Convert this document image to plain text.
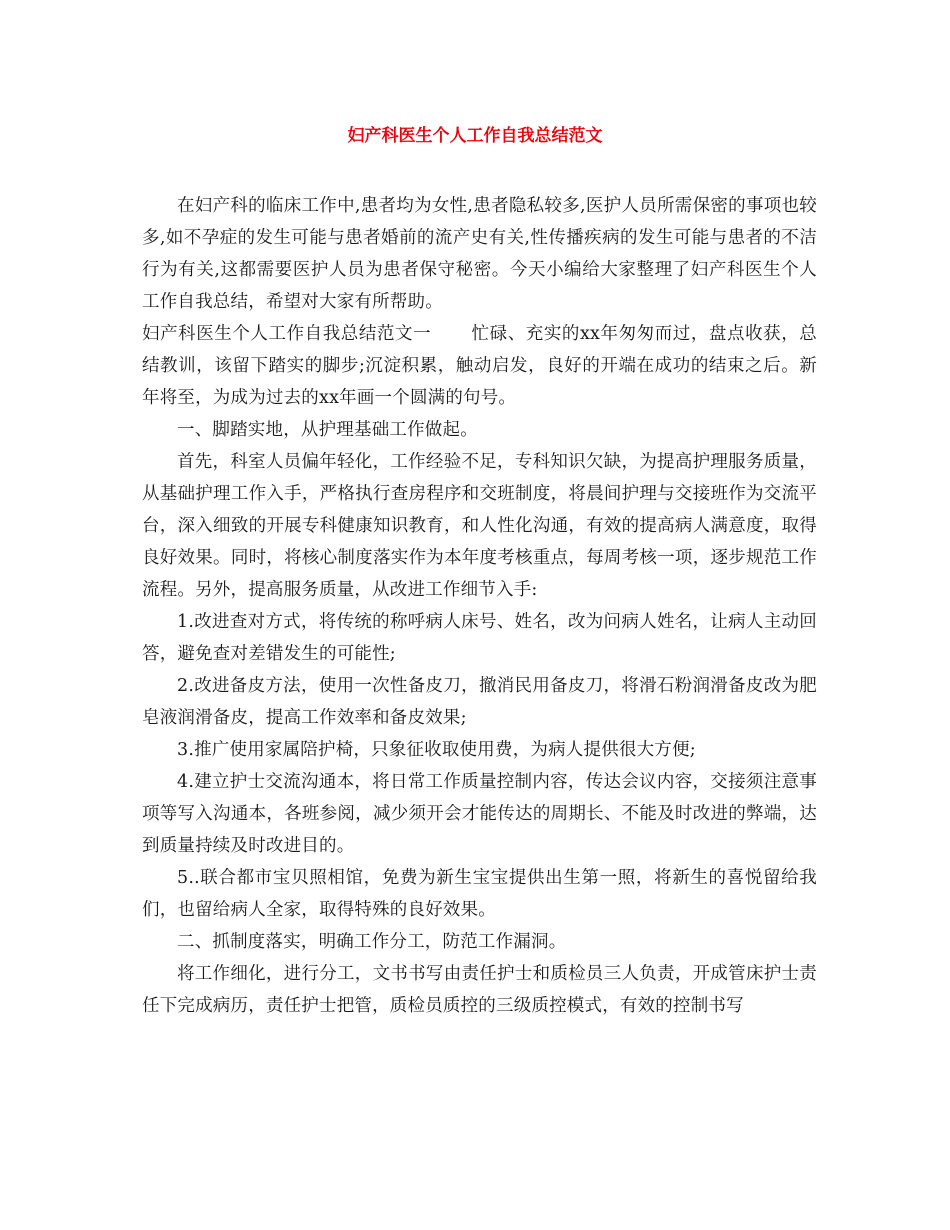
妇产科医生个人工作自我总结范文

在妇产科的临床工作中,患者均为女性,患者隐私较多,医护人员所需保密的事项也较多,如不孕症的发生可能与患者婚前的流产史有关,性传播疾病的发生可能与患者的不洁行为有关,这都需要医护人员为患者保守秘密。今天小编给大家整理了妇产科医生个人工作自我总结，希望对大家有所帮助。

妇产科医生个人工作自我总结范文一 忙碌、充实的xx年匆匆而过，盘点收获，总结教训，该留下踏实的脚步;沉淀积累，触动启发，良好的开端在成功的结束之后。新年将至，为成为过去的xx年画一个圆满的句号。

一、脚踏实地，从护理基础工作做起。

首先，科室人员偏年轻化，工作经验不足，专科知识欠缺，为提高护理服务质量，从基础护理工作入手，严格执行查房程序和交班制度，将晨间护理与交接班作为交流平台，深入细致的开展专科健康知识教育，和人性化沟通，有效的提高病人满意度，取得良好效果。同时，将核心制度落实作为本年度考核重点，每周考核一项，逐步规范工作流程。另外，提高服务质量，从改进工作细节入手:

1.改进查对方式，将传统的称呼病人床号、姓名，改为问病人姓名，让病人主动回答，避免查对差错发生的可能性;

2.改进备皮方法，使用一次性备皮刀，撤消民用备皮刀，将滑石粉润滑备皮改为肥皂液润滑备皮，提高工作效率和备皮效果;

3.推广使用家属陪护椅，只象征收取使用费，为病人提供很大方便;

4.建立护士交流沟通本，将日常工作质量控制内容，传达会议内容，交接须注意事项等写入沟通本，各班参阅，减少须开会才能传达的周期长、不能及时改进的弊端，达到质量持续及时改进目的。

5..联合都市宝贝照相馆，免费为新生宝宝提供出生第一照，将新生的喜悦留给我们，也留给病人全家，取得特殊的良好效果。

二、抓制度落实，明确工作分工，防范工作漏洞。

将工作细化，进行分工，文书书写由责任护士和质检员三人负责，开成管床护士责任下完成病历，责任护士把管，质检员质控的三级质控模式，有效的控制书写
